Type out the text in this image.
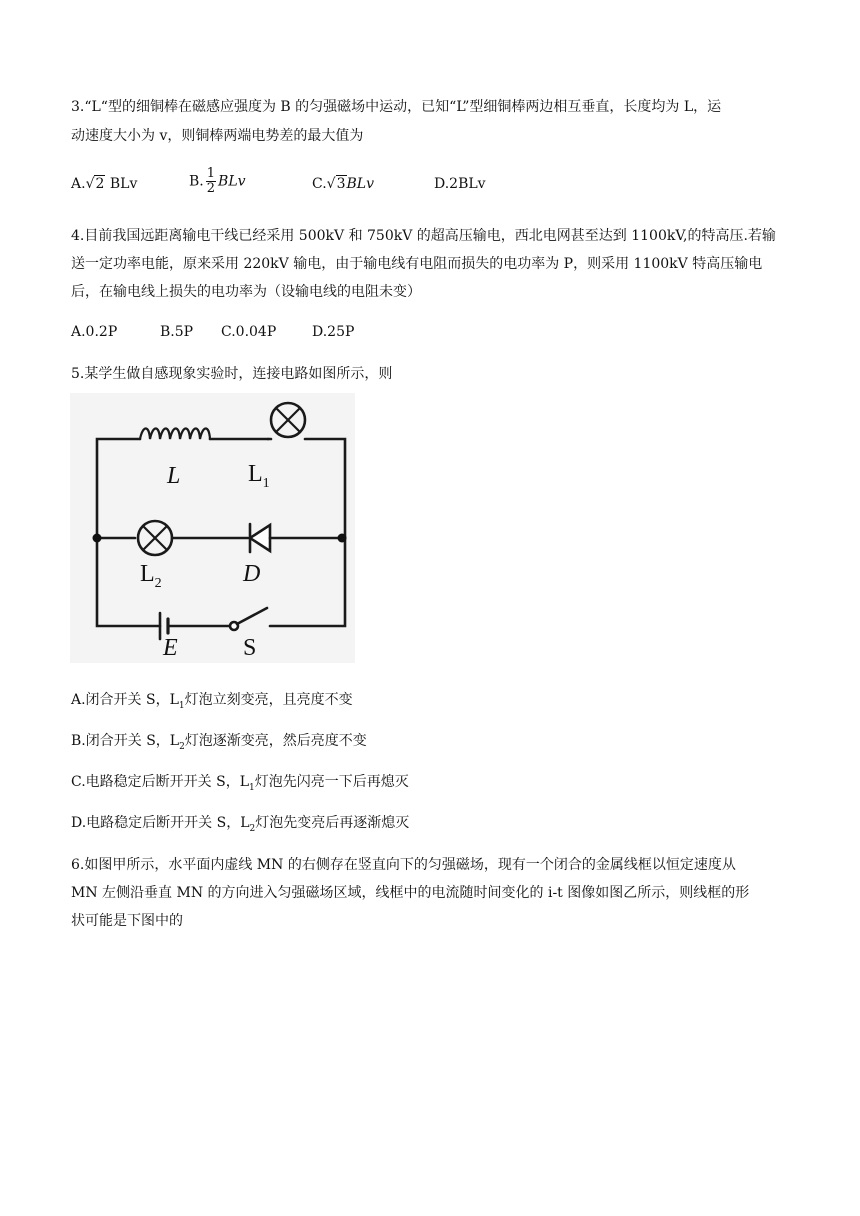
3.“L“型的细铜棒在磁感应强度为 B 的匀强磁场中运动，已知“L”型细铜棒两边相互垂直，长度均为 L，运
动速度大小为 v，则铜棒两端电势差的最大值为
A.√2 BLv	B. $\frac{1}{2}$ BLv	C.√3BLv	D.2BLv
4.目前我国远距离输电干线已经采用 500kV 和 750kV 的超高压输电，西北电网甚至达到 1100kV,的特高压.若输
送一定功率电能，原来采用 220kV 输电，由于输电线有电阻而损失的电功率为 P，则采用 1100kV 特高压输电
后，在输电线上损失的电功率为（设输电线的电阻未变）
A.0.2P	B.5P C.0.04P	D.25P
5.某学生做自感现象实验时，连接电路如图所示，则
L	$L_1$
$L_2$	D
E	S
A.闭合开关 S，$L_1$灯泡立刻变亮，且亮度不变
B.闭合开关 S，$L_2$灯泡逐渐变亮，然后亮度不变
C.电路稳定后断开开关 S，$L_1$灯泡先闪亮一下后再熄灭
D.电路稳定后断开开关 S，$L_2$灯泡先变亮后再逐渐熄灭
6.如图甲所示，水平面内虚线 MN 的右侧存在竖直向下的匀强磁场，现有一个闭合的金属线框以恒定速度从
MN 左侧沿垂直 MN 的方向进入匀强磁场区域，线框中的电流随时间变化的 i-t 图像如图乙所示，则线框的形
状可能是下图中的
